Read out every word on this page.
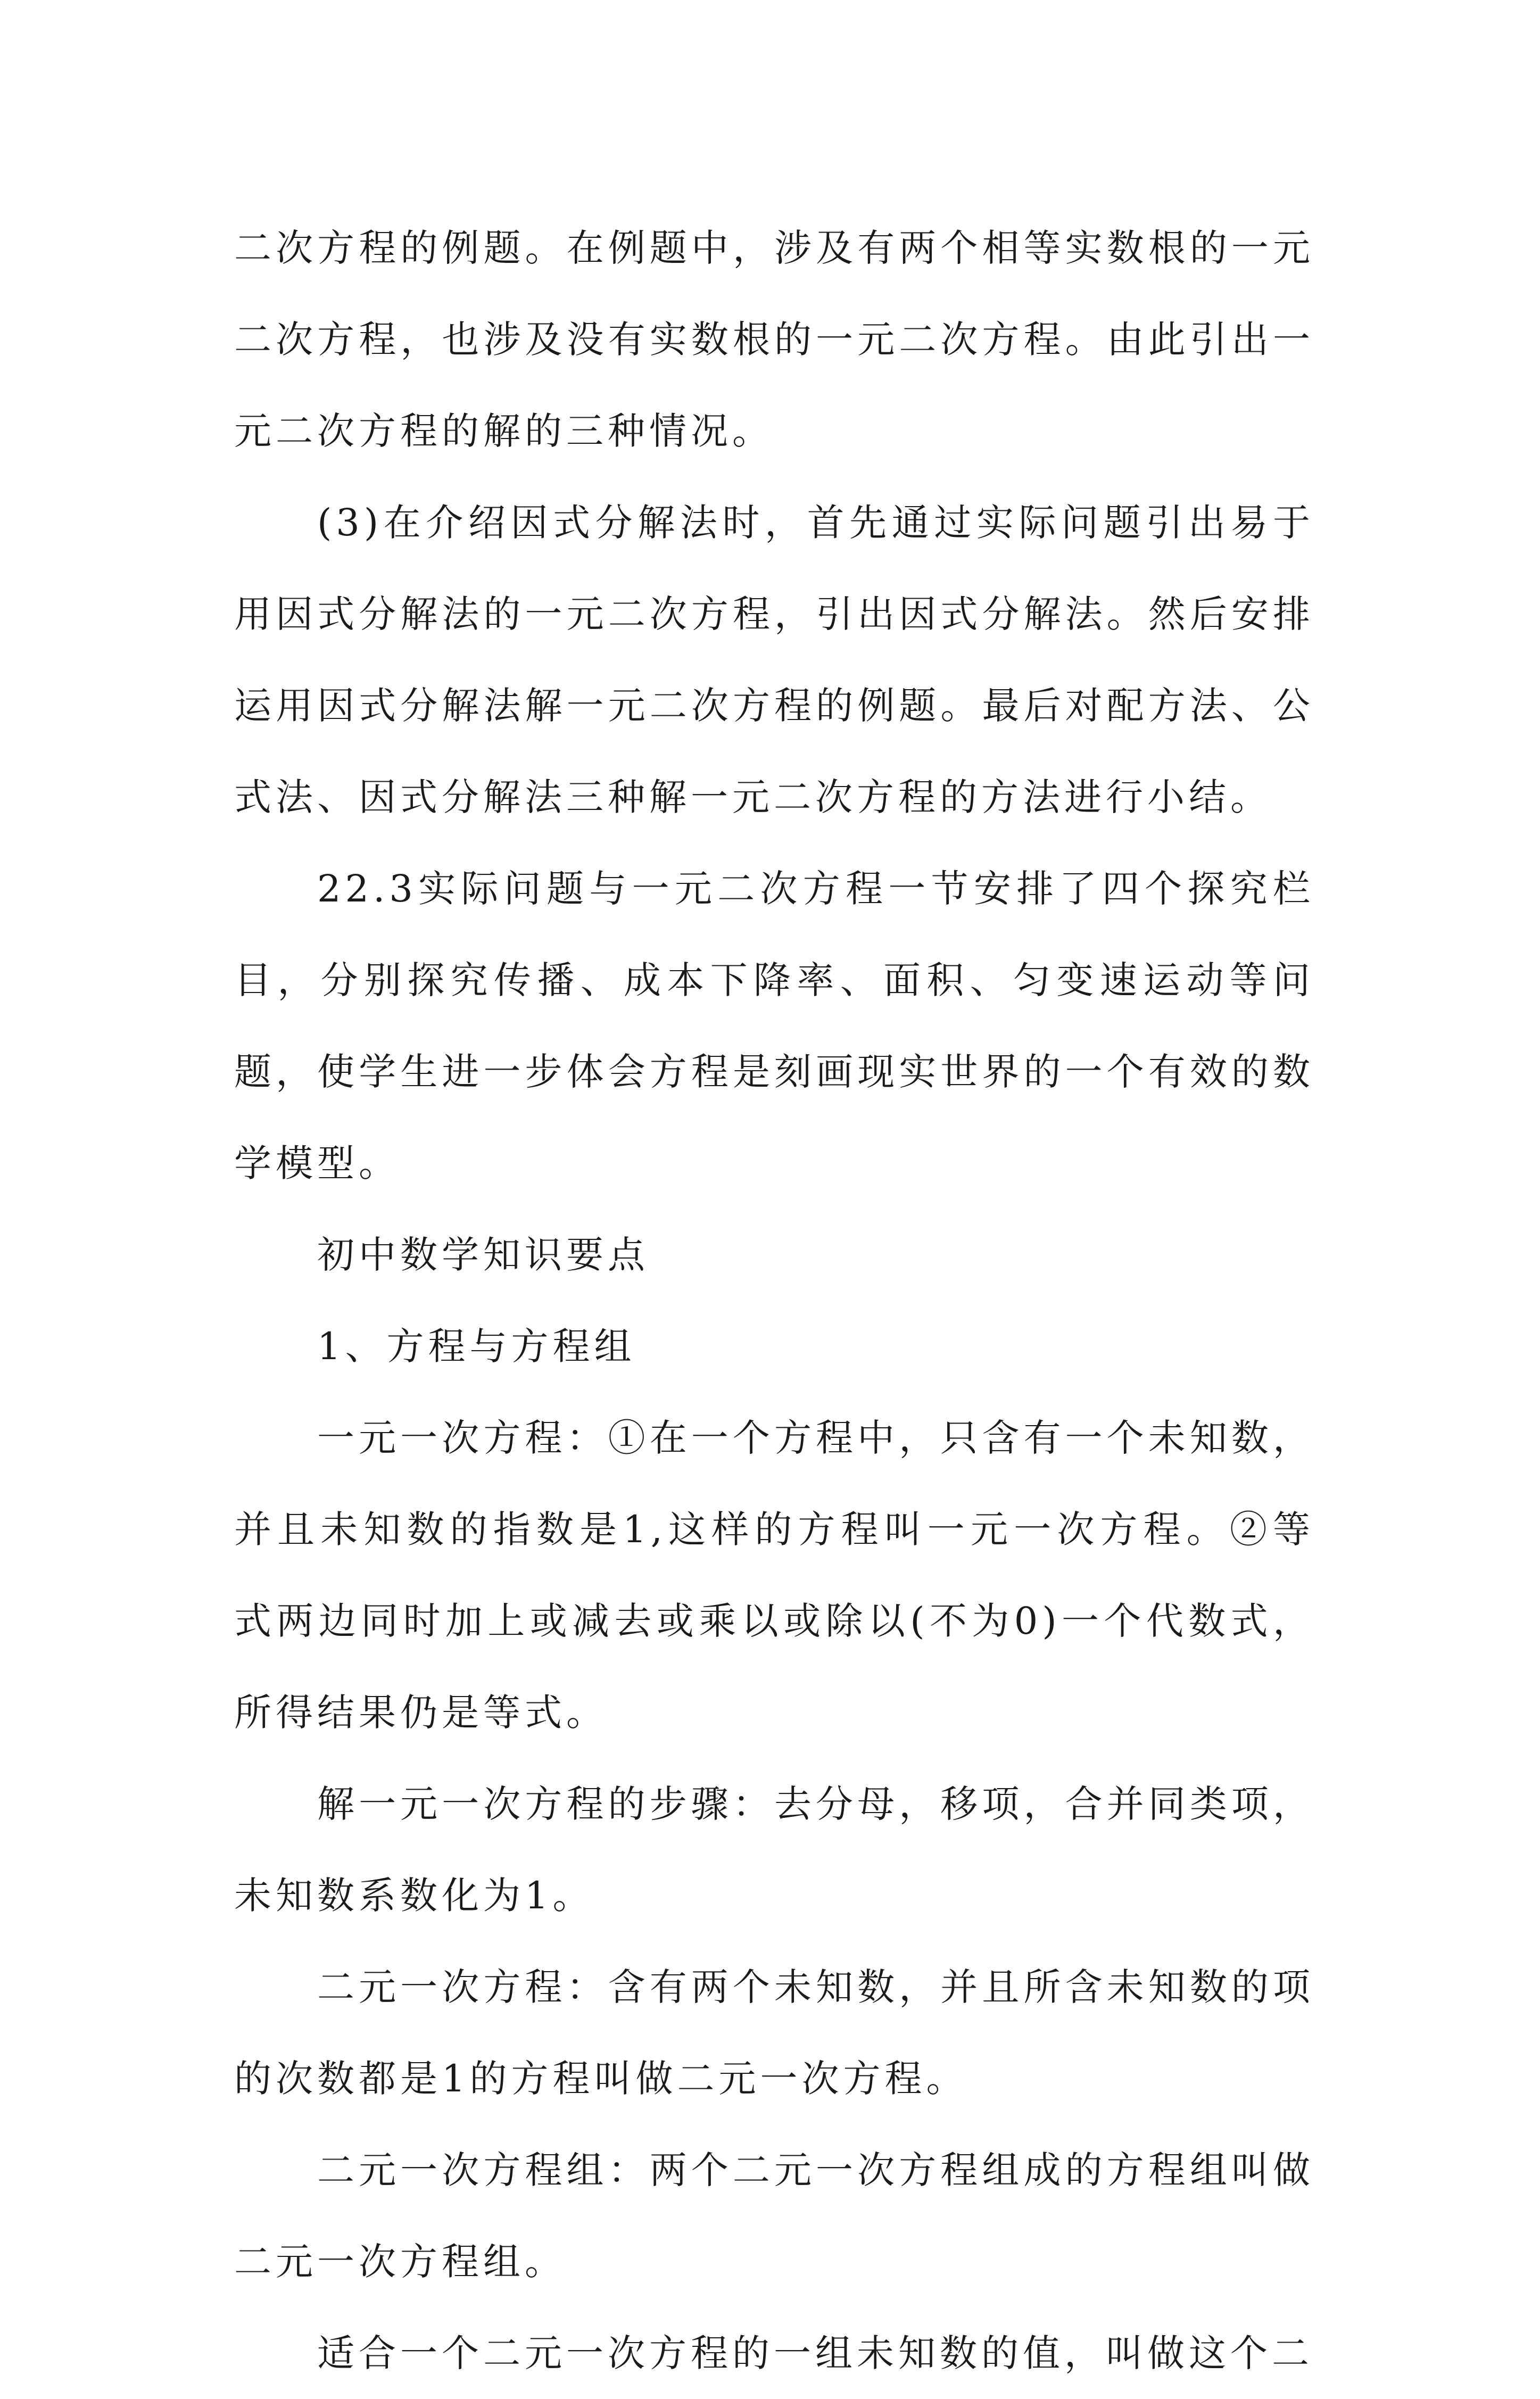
二次方程的例题。在例题中，涉及有两个相等实数根的一元二次方程，也涉及没有实数根的一元二次方程。由此引出一元二次方程的解的三种情况。

(3)在介绍因式分解法时，首先通过实际问题引出易于用因式分解法的一元二次方程，引出因式分解法。然后安排运用因式分解法解一元二次方程的例题。最后对配方法、公式法、因式分解法三种解一元二次方程的方法进行小结。

22.3实际问题与一元二次方程一节安排了四个探究栏目，分别探究传播、成本下降率、面积、匀变速运动等问题，使学生进一步体会方程是刻画现实世界的一个有效的数学模型。

初中数学知识要点

1、方程与方程组

一元一次方程：①在一个方程中，只含有一个未知数，并且未知数的指数是1,这样的方程叫一元一次方程。②等式两边同时加上或减去或乘以或除以(不为0)一个代数式，所得结果仍是等式。

解一元一次方程的步骤：去分母，移项，合并同类项，未知数系数化为1。

二元一次方程：含有两个未知数，并且所含未知数的项的次数都是1的方程叫做二元一次方程。

二元一次方程组：两个二元一次方程组成的方程组叫做二元一次方程组。

适合一个二元一次方程的一组未知数的值，叫做这个二
